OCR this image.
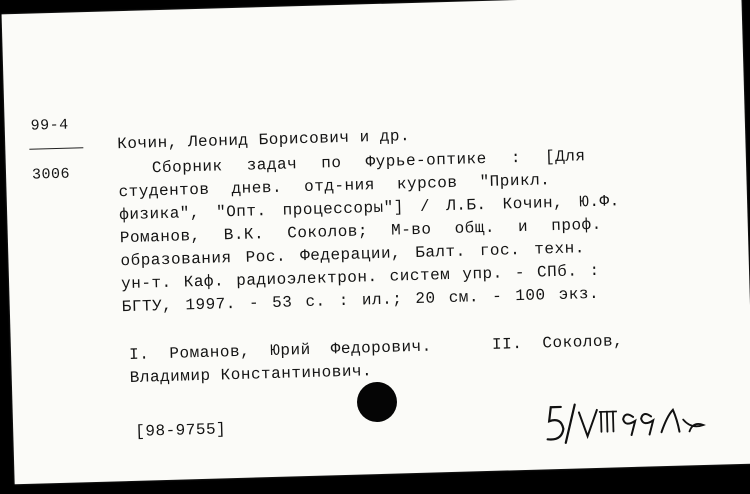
99-4
3006
Кочин, Леонид Борисович и др.
Сборник задач по Фурье-оптике : [Для
студентов днев. отд-ния курсов "Прикл.
физика", "Опт. процессоры"] / Л.Б. Кочин, Ю.Ф.
Романов, В.К. Соколов; М-во общ. и проф.
образования Рос. Федерации, Балт. гос. техн.
ун-т. Каф. радиоэлектрон. систем упр. - СПб. :
БГТУ, 1997. - 53 с. : ил.; 20 см. - 100 экз.
I. Романов, Юрий Федорович.   II. Соколов,
Владимир Константинович.
[98-9755]
